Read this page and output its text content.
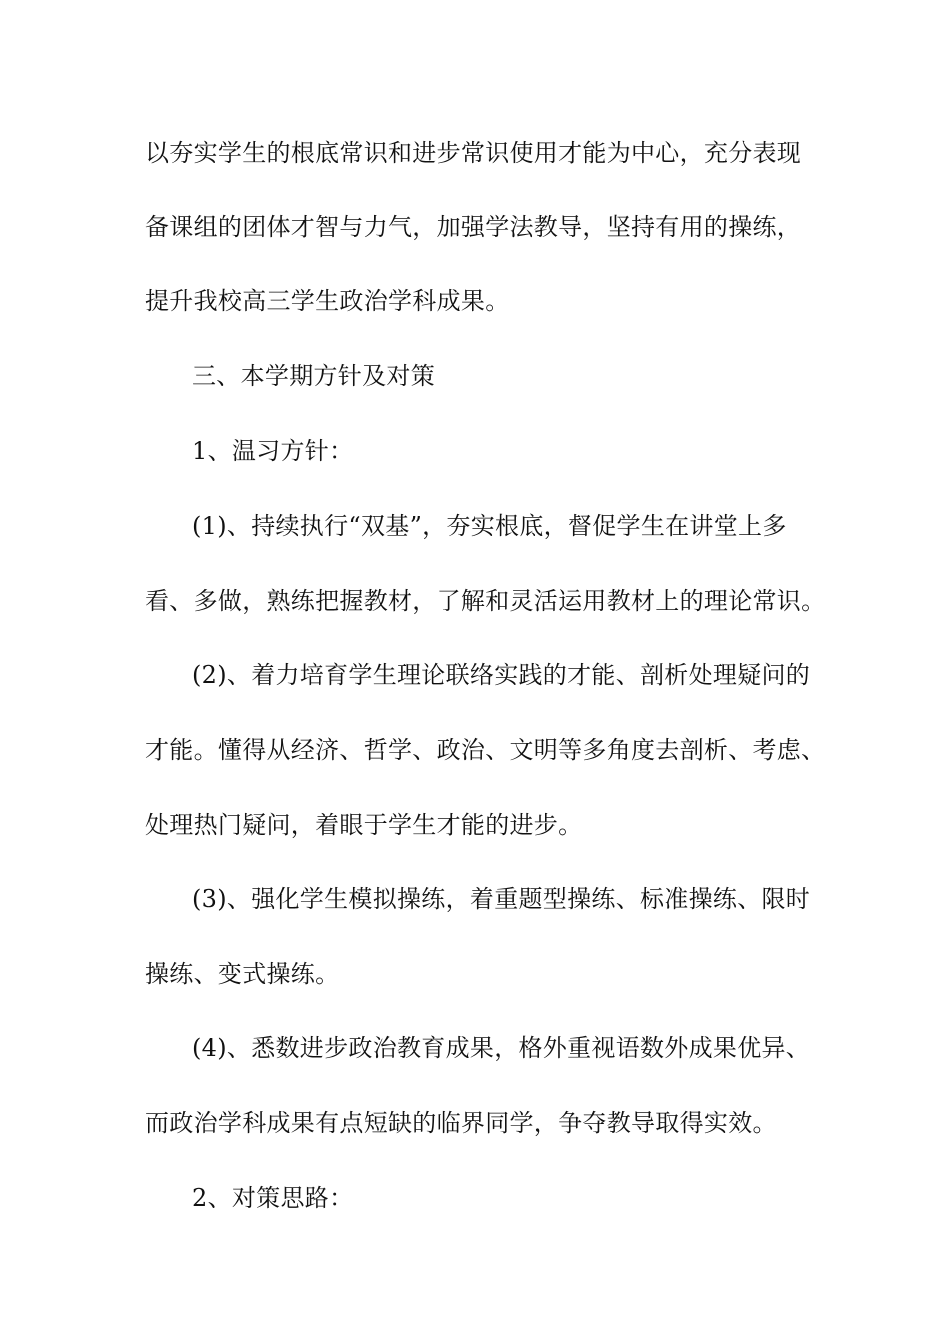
以夯实学生的根底常识和进步常识使用才能为中心，充分表现
备课组的团体才智与力气，加强学法教导，坚持有用的操练，
提升我校高三学生政治学科成果。
三、本学期方针及对策
1、温习方针：
(1)、持续执行“双基”，夯实根底，督促学生在讲堂上多
看、多做，熟练把握教材，了解和灵活运用教材上的理论常识。
(2)、着力培育学生理论联络实践的才能、剖析处理疑问的
才能。懂得从经济、哲学、政治、文明等多角度去剖析、考虑、
处理热门疑问，着眼于学生才能的进步。
(3)、强化学生模拟操练，着重题型操练、标准操练、限时
操练、变式操练。
(4)、悉数进步政治教育成果，格外重视语数外成果优异、
而政治学科成果有点短缺的临界同学，争夺教导取得实效。
2、对策思路：
